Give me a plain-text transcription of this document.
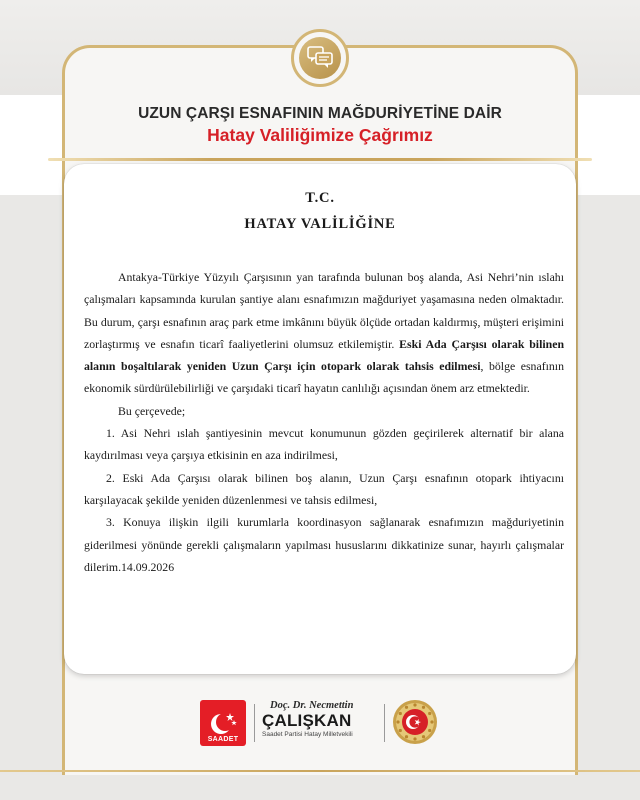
UZUN ÇARŞI ESNAFININ MAĞDURİYETİNE DAİR
Hatay Valiliğimize Çağrımız
T.C.
HATAY VALİLİĞİNE

Antakya-Türkiye Yüzyılı Çarşısının yan tarafında bulunan boş alanda, Asi Nehri’nin ıslahı çalışmaları kapsamında kurulan şantiye alanı esnafımızın mağduriyet yaşamasına neden olmaktadır. Bu durum, çarşı esnafının araç park etme imkânını büyük ölçüde ortadan kaldırmış, müşteri erişimini zorlaştırmış ve esnafın ticarî faaliyetlerini olumsuz etkilemiştir. Eski Ada Çarşısı olarak bilinen alanın boşaltılarak yeniden Uzun Çarşı için otopark olarak tahsis edilmesi, bölge esnafının ekonomik sürdürülebilirliği ve çarşıdaki ticarî hayatın canlılığı açısından önem arz etmektedir.

Bu çerçevede;

1. Asi Nehri ıslah şantiyesinin mevcut konumunun gözden geçirilerek alternatif bir alana kaydırılması veya çarşıya etkisinin en aza indirilmesi,

2. Eski Ada Çarşısı olarak bilinen boş alanın, Uzun Çarşı esnafının otopark ihtiyacını karşılayacak şekilde yeniden düzenlenmesi ve tahsis edilmesi,

3. Konuya ilişkin ilgili kurumlarla koordinasyon sağlanarak esnafımızın mağduriyetinin giderilmesi yönünde gerekli çalışmaların yapılması hususlarını dikkatinize sunar, hayırlı çalışmalar dilerim.14.09.2026

SAADET
Doç. Dr. Necmettin
ÇALIŞKAN
Saadet Partisi Hatay Milletvekili
